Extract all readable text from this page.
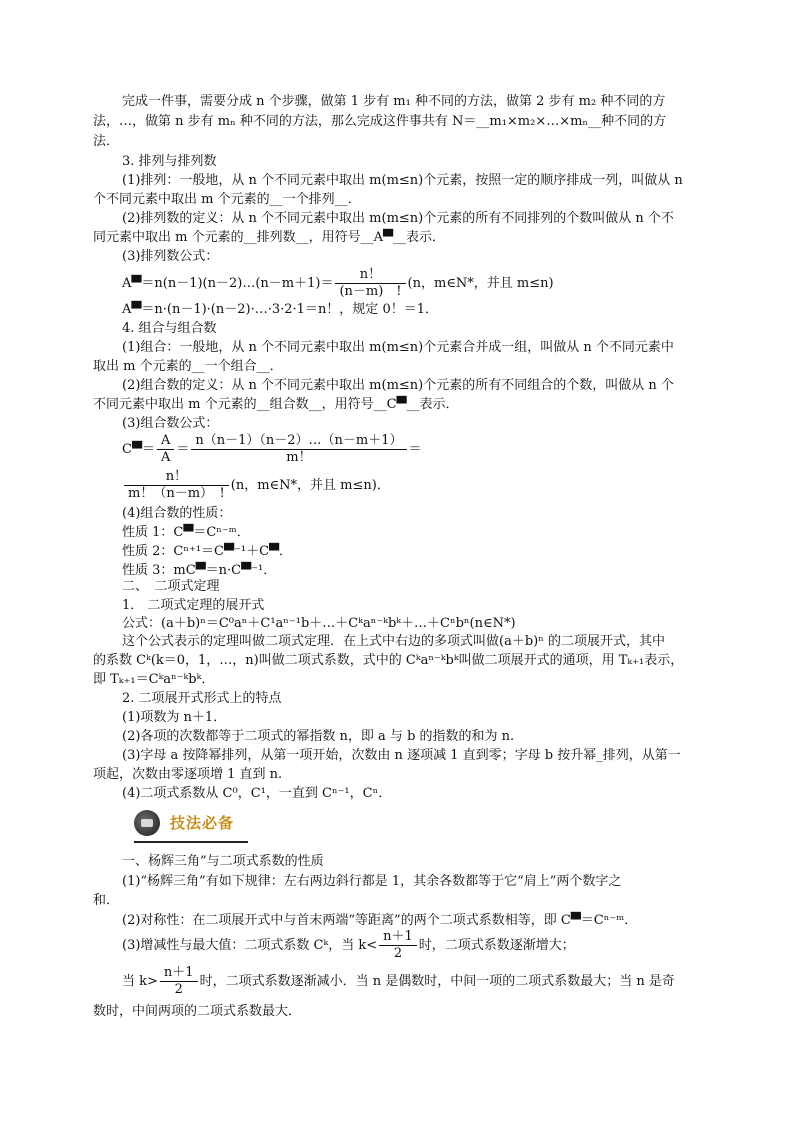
完成一件事，需要分成 n 个步骤，做第 1 步有 m₁ 种不同的方法，做第 2 步有 m₂ 种不同的方
法，…，做第 n 步有 mₙ 种不同的方法，那么完成这件事共有 N＝__m₁×m₂×…×mₙ__种不同的方
法．
3. 排列与排列数
(1)排列：一般地，从 n 个不同元素中取出 m(m≤n)个元素，按照一定的顺序排成一列，叫做从 n
个不同元素中取出 m 个元素的__一个排列__．
(2)排列数的定义：从 n 个不同元素中取出 m(m≤n)个元素的所有不同排列的个数叫做从 n 个不
同元素中取出 m 个元素的__排列数__，用符号__A▀__表示．
(3)排列数公式：
A▀＝n(n－1)(n－2)…(n－m＋1)＝ $\frac{n!}{(n-m) !} (n$，m∈N*，并且 m≤n)
A▀＝n·(n－1)·(n－2)·…·3·2·1＝n！，规定 0！＝1．
4. 组合与组合数
(1)组合：一般地，从 n 个不同元素中取出 m(m≤n)个元素合并成一组，叫做从 n 个不同元素中
取出 m 个元素的__一个组合__．
(2)组合数的定义：从 n 个不同元素中取出 m(m≤n)个元素的所有不同组合的个数，叫做从 n 个
不同元素中取出 m 个元素的__组合数__，用符号__C▀__表示．
(3)组合数公式：
C▀＝ $\frac{A}{A} = \frac{n(n-1)(n-2)\dots(n-m+1)}{m!}$ ＝
$\frac{n!}{m!(n-m) !} (n$，m∈N*，并且 m≤n)．
(4)组合数的性质：
性质 1：C▀＝Cⁿ⁻ᵐ．
性质 2：Cⁿ⁺¹＝C▀⁻¹＋C▀．
性质 3：mC▀＝n·C▀⁻¹．
二、　二项式定理
1． 二项式定理的展开式
公式：(a＋b)ⁿ＝C⁰aⁿ＋C¹aⁿ⁻¹b＋…＋Cᵏaⁿ⁻ᵏbᵏ＋…＋Cⁿbⁿ(n∈N*)
这个公式表示的定理叫做二项式定理．在上式中右边的多项式叫做(a＋b)ⁿ 的二项展开式，其中
的系数 Cᵏ(k＝0，1，…，n)叫做二项式系数，式中的 Cᵏaⁿ⁻ᵏbᵏ叫做二项展开式的通项，用 Tₖ₊₁表示，
即 Tₖ₊₁＝Cᵏaⁿ⁻ᵏbᵏ．
2. 二项展开式形式上的特点
(1)项数为 n＋1．
(2)各项的次数都等于二项式的幂指数 n，即 a 与 b 的指数的和为 n.
(3)字母 a 按降幂排列，从第一项开始，次数由 n 逐项减 1 直到零；字母 b 按升幂_排列，从第一
项起，次数由零逐项增 1 直到 n.
(4)二项式系数从 C⁰，C¹，一直到 Cⁿ⁻¹，Cⁿ．
技法必备
一、杨辉三角”与二项式系数的性质
(1)“杨辉三角”有如下规律：左右两边斜行都是 1，其余各数都等于它“肩上”两个数字之
和．
(2)对称性：在二项展开式中与首末两端“等距离”的两个二项式系数相等，即 C▀＝Cⁿ⁻ᵐ．
(3)增减性与最大值：二项式系数 Cᵏ，当 $k< \frac{n+1}{2}$ 时，二项式系数逐渐增大；
当 $k> \frac{n+1}{2}$ 时，二项式系数逐渐减小．当 n 是偶数时，中间一项的二项式系数最大；当 n 是奇
数时，中间两项的二项式系数最大．
